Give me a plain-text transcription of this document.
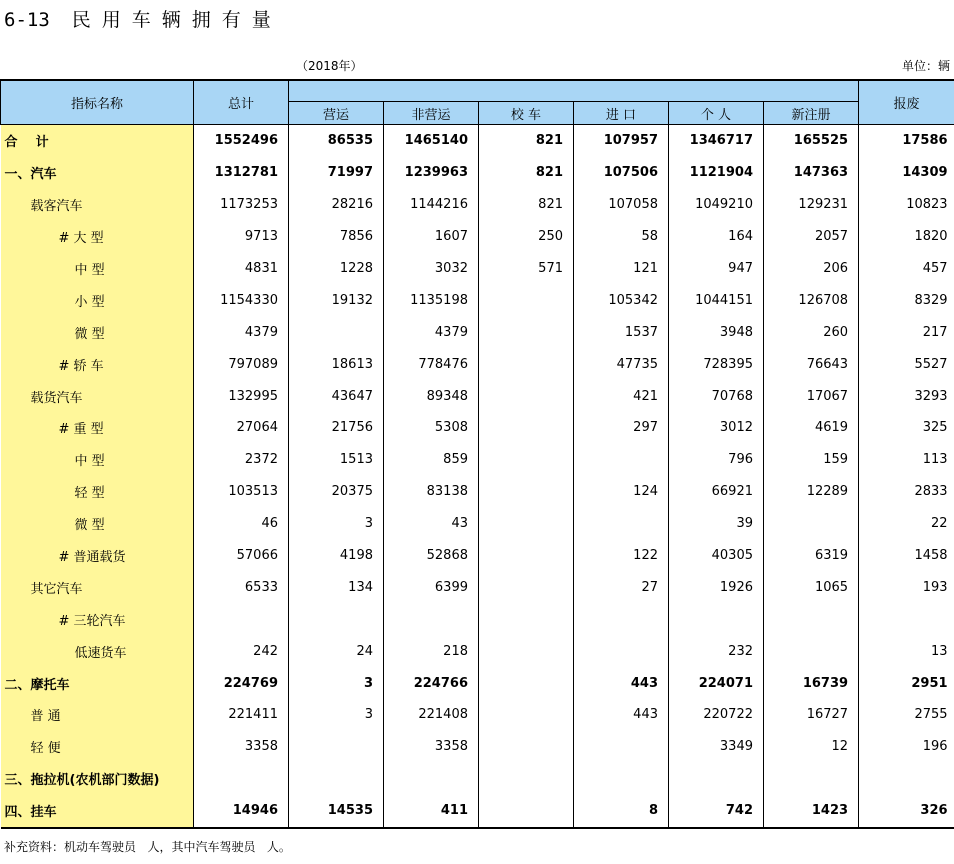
6-13 民用车辆拥有量
（2018年）	单位：辆
指标名称	总计							报废
		营运	非营运	校 车	进 口	个 人	新注册	
合    计	1552496	86535	1465140	821	107957	1346717	165525	17586
一、汽车	1312781	71997	1239963	821	107506	1121904	147363	14309
载客汽车	1173253	28216	1144216	821	107058	1049210	129231	10823
# 大 型	9713	7856	1607	250	58	164	2057	1820
中 型	4831	1228	3032	571	121	947	206	457
小 型	1154330	19132	1135198		105342	1044151	126708	8329
微 型	4379		4379		1537	3948	260	217
# 轿 车	797089	18613	778476		47735	728395	76643	5527
载货汽车	132995	43647	89348		421	70768	17067	3293
# 重 型	27064	21756	5308		297	3012	4619	325
中 型	2372	1513	859			796	159	113
轻 型	103513	20375	83138		124	66921	12289	2833
微 型	46	3	43			39		22
# 普通载货	57066	4198	52868		122	40305	6319	1458
其它汽车	6533	134	6399		27	1926	1065	193
# 三轮汽车								
低速货车	242	24	218			232		13
二、摩托车	224769	3	224766		443	224071	16739	2951
普 通	221411	3	221408		443	220722	16727	2755
轻 便	3358		3358			3349	12	196
三、拖拉机(农机部门数据)								
四、挂车	14946	14535	411		8	742	1423	326
补充资料：机动车驾驶员   人，其中汽车驾驶员   人。
